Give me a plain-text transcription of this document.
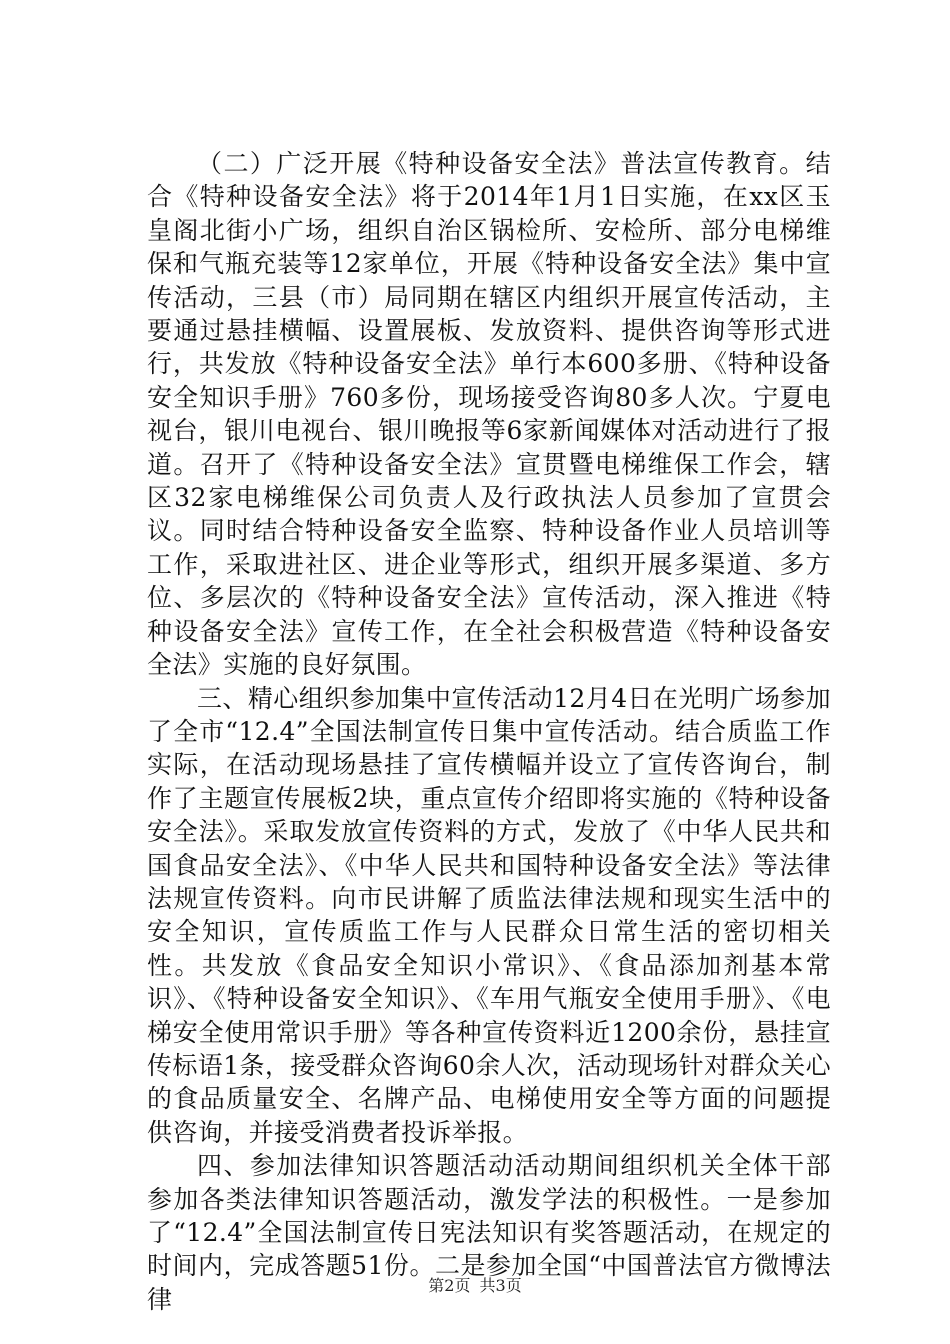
（二）广泛开展《特种设备安全法》普法宣传教育。结合《特种设备安全法》将于2014年1月1日实施，在xx区玉皇阁北街小广场，组织自治区锅检所、安检所、部分电梯维保和气瓶充装等12家单位，开展《特种设备安全法》集中宣传活动，三县（市）局同期在辖区内组织开展宣传活动，主要通过悬挂横幅、设置展板、发放资料、提供咨询等形式进行，共发放《特种设备安全法》单行本600多册、《特种设备安全知识手册》760多份，现场接受咨询80多人次。宁夏电视台，银川电视台、银川晚报等6家新闻媒体对活动进行了报道。召开了《特种设备安全法》宣贯暨电梯维保工作会，辖区32家电梯维保公司负责人及行政执法人员参加了宣贯会议。同时结合特种设备安全监察、特种设备作业人员培训等工作，采取进社区、进企业等形式，组织开展多渠道、多方位、多层次的《特种设备安全法》宣传活动，深入推进《特种设备安全法》宣传工作，在全社会积极营造《特种设备安全法》实施的良好氛围。

三、精心组织参加集中宣传活动12月4日在光明广场参加了全市“12.4”全国法制宣传日集中宣传活动。结合质监工作实际，在活动现场悬挂了宣传横幅并设立了宣传咨询台，制作了主题宣传展板2块，重点宣传介绍即将实施的《特种设备安全法》。采取发放宣传资料的方式，发放了《中华人民共和国食品安全法》、《中华人民共和国特种设备安全法》等法律法规宣传资料。向市民讲解了质监法律法规和现实生活中的安全知识，宣传质监工作与人民群众日常生活的密切相关性。共发放《食品安全知识小常识》、《食品添加剂基本常识》、《特种设备安全知识》、《车用气瓶安全使用手册》、《电梯安全使用常识手册》等各种宣传资料近1200余份，悬挂宣传标语1条，接受群众咨询60余人次，活动现场针对群众关心的食品质量安全、名牌产品、电梯使用安全等方面的问题提供咨询，并接受消费者投诉举报。

四、参加法律知识答题活动活动期间组织机关全体干部参加各类法律知识答题活动，激发学法的积极性。一是参加了“12.4”全国法制宣传日宪法知识有奖答题活动，在规定的时间内，完成答题51份。二是参加全国“中国普法官方微博法律	第2页 共3页
